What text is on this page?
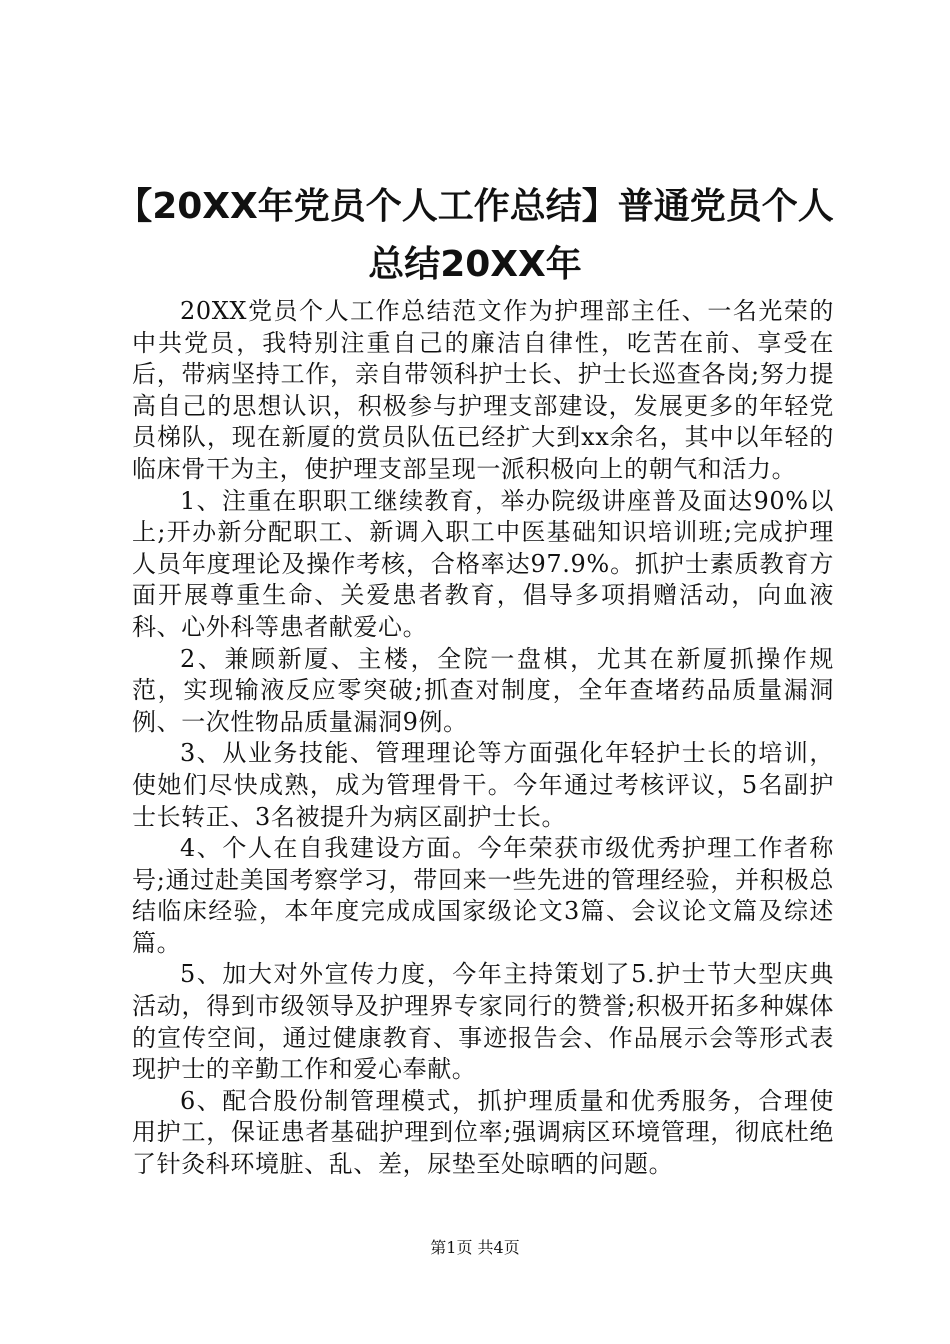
【20XX年党员个人工作总结】普通党员个人
总结20XX年

20XX党员个人工作总结范文作为护理部主任、一名光荣的中共党员，我特别注重自己的廉洁自律性，吃苦在前、享受在后，带病坚持工作，亲自带领科护士长、护士长巡查各岗;努力提高自己的思想认识，积极参与护理支部建设，发展更多的年轻党员梯队，现在新厦的赏员队伍已经扩大到xx余名，其中以年轻的临床骨干为主，使护理支部呈现一派积极向上的朝气和活力。

1、注重在职职工继续教育，举办院级讲座普及面达90%以上;开办新分配职工、新调入职工中医基础知识培训班;完成护理人员年度理论及操作考核，合格率达97.9%。抓护士素质教育方面开展尊重生命、关爱患者教育，倡导多项捐赠活动，向血液科、心外科等患者献爱心。

2、兼顾新厦、主楼，全院一盘棋，尤其在新厦抓操作规范，实现输液反应零突破;抓查对制度，全年查堵药品质量漏洞例、一次性物品质量漏洞9例。

3、从业务技能、管理理论等方面强化年轻护士长的培训，使她们尽快成熟，成为管理骨干。今年通过考核评议，5名副护士长转正、3名被提升为病区副护士长。

4、个人在自我建设方面。今年荣获市级优秀护理工作者称号;通过赴美国考察学习，带回来一些先进的管理经验，并积极总结临床经验，本年度完成成国家级论文3篇、会议论文篇及综述篇。

5、加大对外宣传力度，今年主持策划了5.护士节大型庆典活动，得到市级领导及护理界专家同行的赞誉;积极开拓多种媒体的宣传空间，通过健康教育、事迹报告会、作品展示会等形式表现护士的辛勤工作和爱心奉献。

6、配合股份制管理模式，抓护理质量和优秀服务，合理使用护工，保证患者基础护理到位率;强调病区环境管理，彻底杜绝了针灸科环境脏、乱、差，尿垫至处晾晒的问题。

第1页 共4页
